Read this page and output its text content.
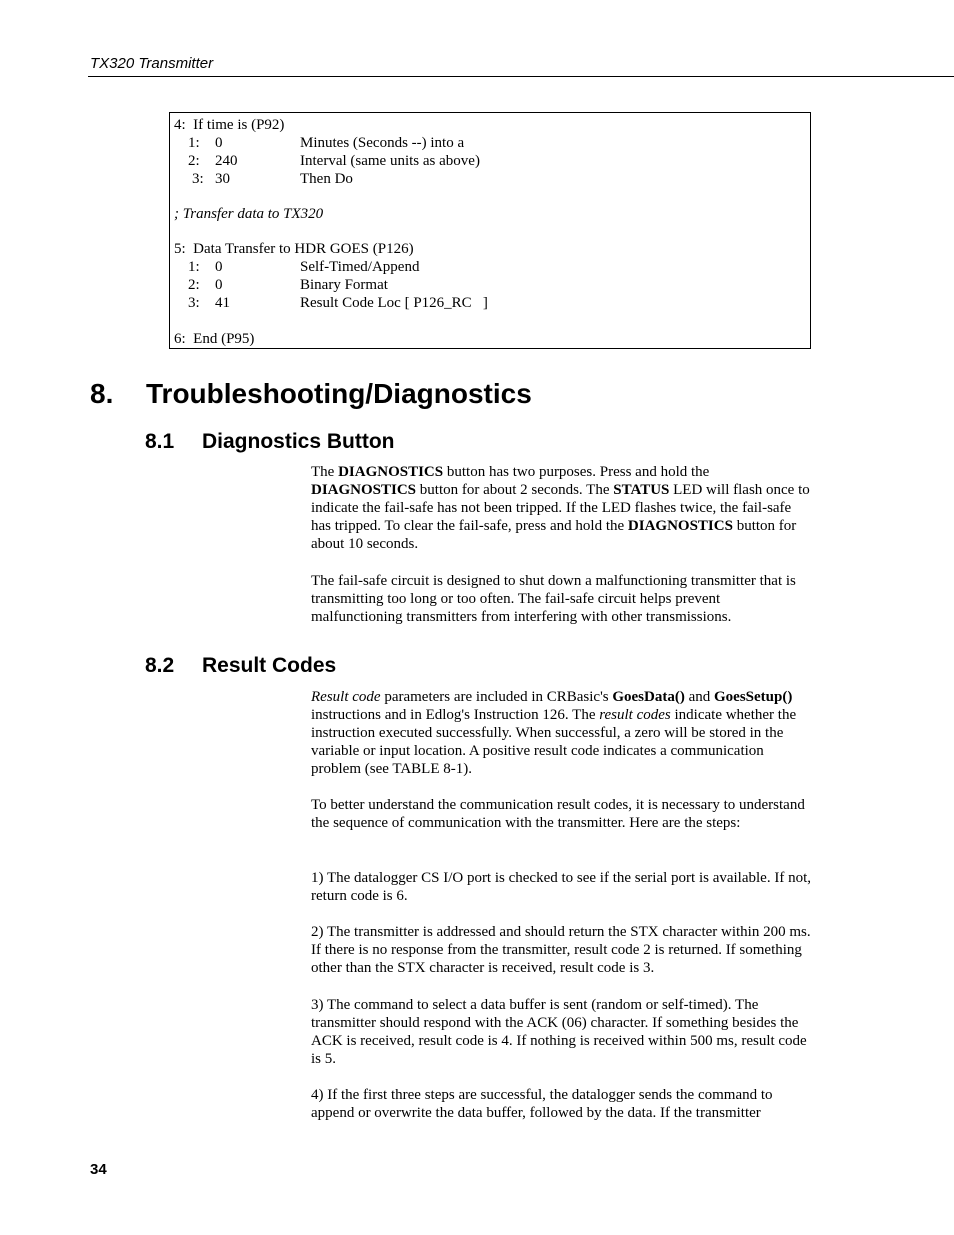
TX320 Transmitter
4:  If time is (P92)
1: 0	Minutes (Seconds --) into a
2: 240	Interval (same units as above)
3: 30	Then Do
; Transfer data to TX320
5:  Data Transfer to HDR GOES (P126)
1: 0	Self-Timed/Append
2: 0	Binary Format
3: 41	Result Code Loc [ P126_RC   ]
6:  End (P95)
8. Troubleshooting/Diagnostics
8.1 Diagnostics Button

The DIAGNOSTICS button has two purposes. Press and hold the DIAGNOSTICS button for about 2 seconds. The STATUS LED will flash once to indicate the fail-safe has not been tripped. If the LED flashes twice, the fail-safe has tripped. To clear the fail-safe, press and hold the DIAGNOSTICS button for about 10 seconds.

The fail-safe circuit is designed to shut down a malfunctioning transmitter that is transmitting too long or too often. The fail-safe circuit helps prevent malfunctioning transmitters from interfering with other transmissions.

8.2 Result Codes

Result code parameters are included in CRBasic's GoesData() and GoesSetup() instructions and in Edlog's Instruction 126. The result codes indicate whether the instruction executed successfully. When successful, a zero will be stored in the variable or input location. A positive result code indicates a communication problem (see TABLE 8-1).

To better understand the communication result codes, it is necessary to understand the sequence of communication with the transmitter. Here are the steps:

1) The datalogger CS I/O port is checked to see if the serial port is available. If not, return code is 6.

2) The transmitter is addressed and should return the STX character within 200 ms. If there is no response from the transmitter, result code 2 is returned. If something other than the STX character is received, result code is 3.

3) The command to select a data buffer is sent (random or self-timed). The transmitter should respond with the ACK (06) character. If something besides the ACK is received, result code is 4. If nothing is received within 500 ms, result code is 5.

4) If the first three steps are successful, the datalogger sends the command to append or overwrite the data buffer, followed by the data. If the transmitter

34
